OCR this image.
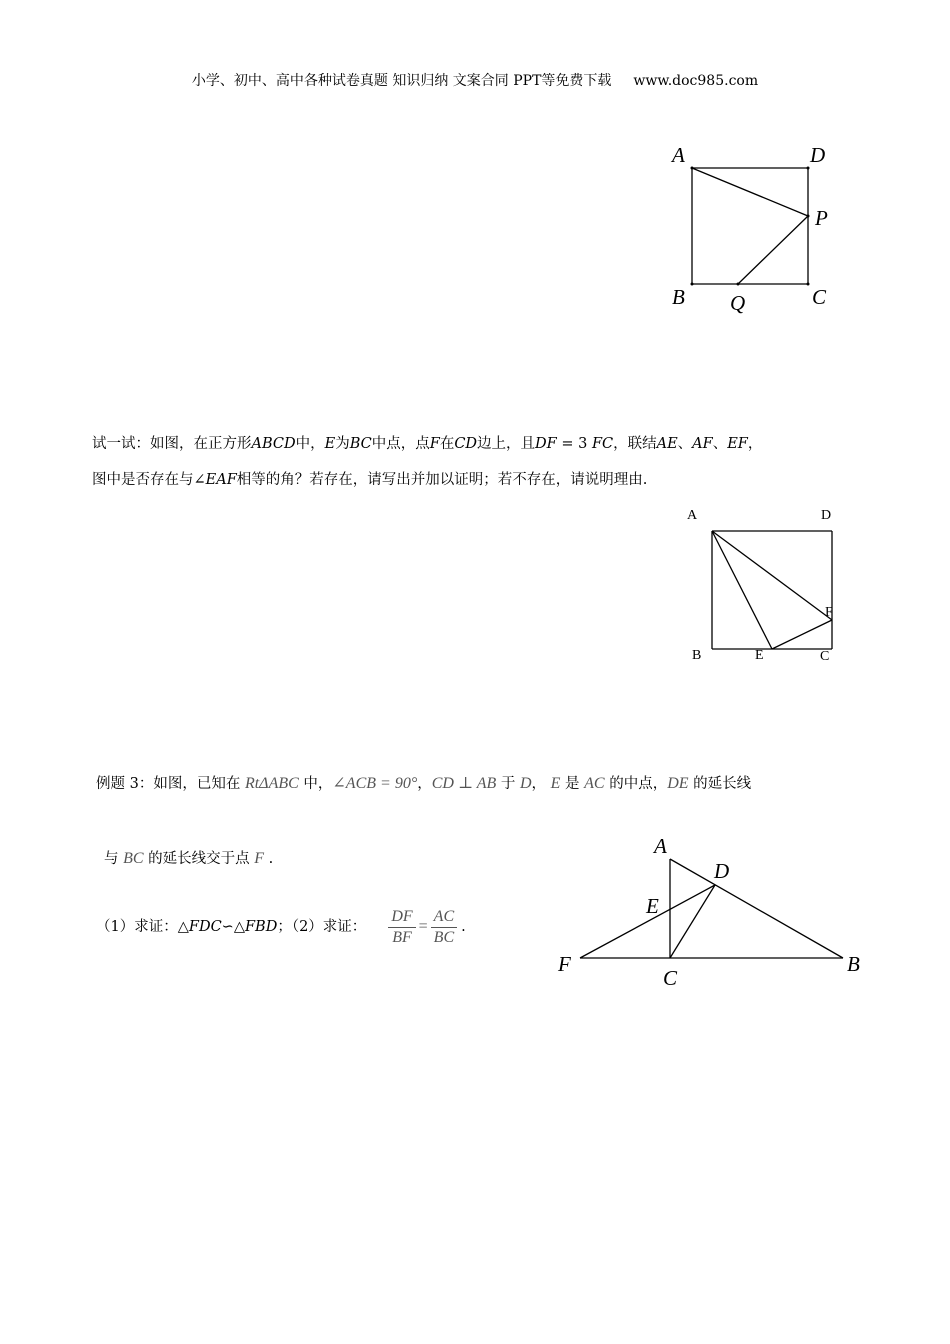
小学、初中、高中各种试卷真题 知识归纳 文案合同 PPT等免费下载 www.doc985.com
A	D
P
B Q	C
试一试：如图，在正方形ABCD中，E为BC中点，点F在CD边上，且DF = 3 FC，联结AE、AF、EF，
图中是否存在与∠EAF相等的角？若存在，请写出并加以证明；若不存在，请说明理由.
A	D
F
B	E	C
例题 3：如图，已知在 RtΔABC 中，∠ACB = 90°，CD ⊥ AB 于 D， E 是 AC 的中点，DE 的延长线
与 BC 的延长线交于点 F .
（1）求证：△FDC∽△FBD；（2）求证： $\frac{DF}{BF} = \frac{AC}{BC}$ .
A
D
E
F
C
B
